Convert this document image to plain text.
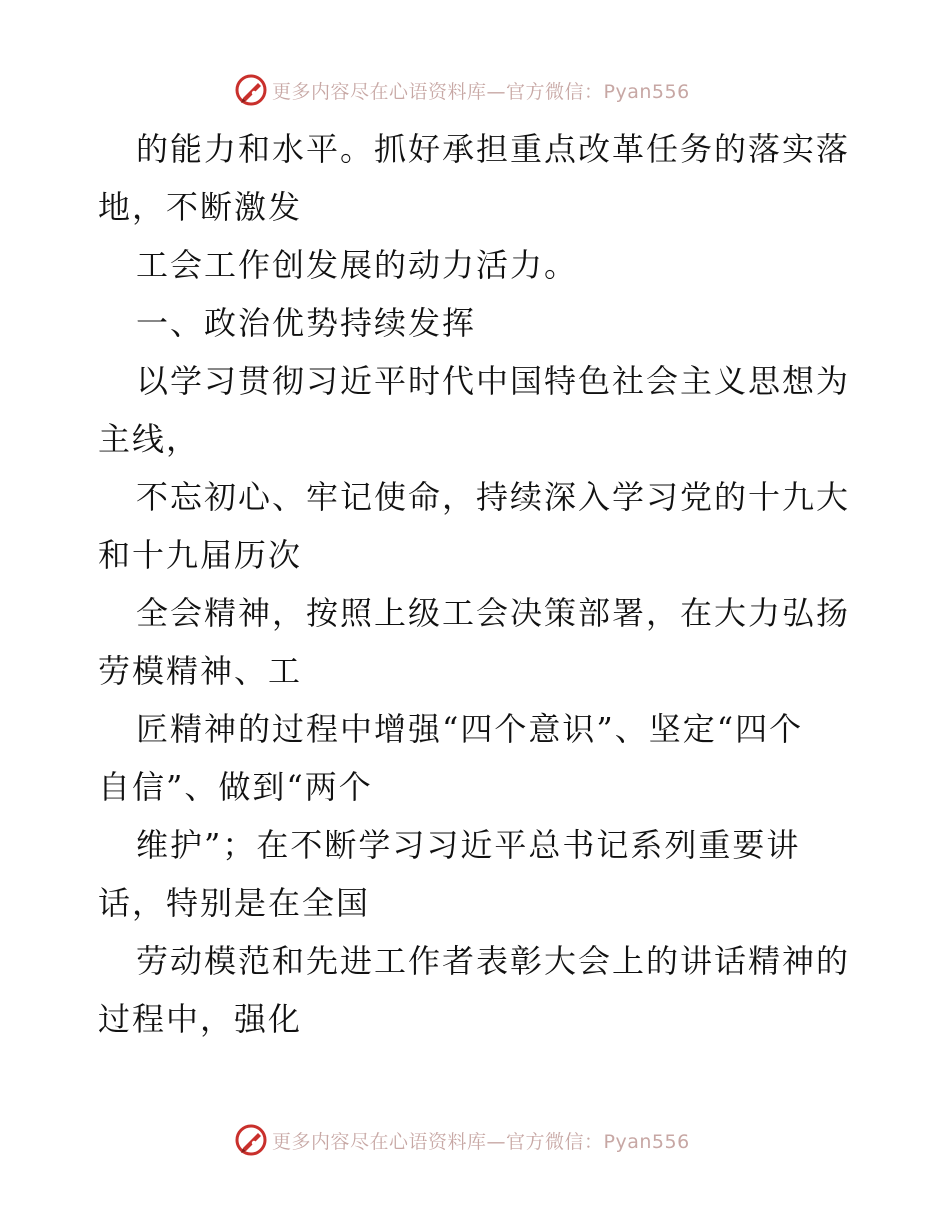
更多内容尽在心语资料库—官方微信：Pyan556

的能力和水平。抓好承担重点改革任务的落实落

地，不断激发

工会工作创发展的动力活力。

一、政治优势持续发挥

以学习贯彻习近平时代中国特色社会主义思想为

主线，

不忘初心、牢记使命，持续深入学习党的十九大

和十九届历次

全会精神，按照上级工会决策部署，在大力弘扬

劳模精神、工

匠精神的过程中增强“四个意识”、坚定“四个

自信”、做到“两个

维护”；在不断学习习近平总书记系列重要讲

话，特别是在全国

劳动模范和先进工作者表彰大会上的讲话精神的

过程中，强化

更多内容尽在心语资料库—官方微信：Pyan556
